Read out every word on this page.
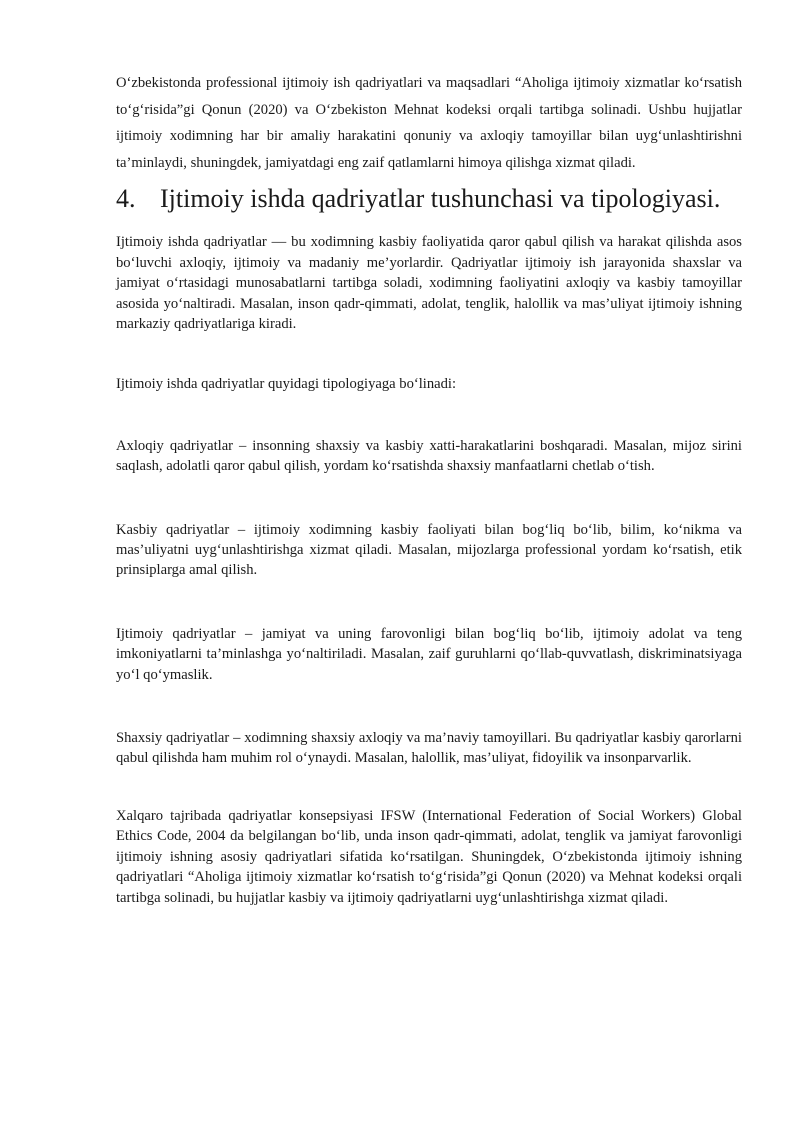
O‘zbekistonda professional ijtimoiy ish qadriyatlari va maqsadlari “Aholiga ijtimoiy xizmatlar ko‘rsatish to‘g‘risida”gi Qonun (2020) va O‘zbekiston Mehnat kodeksi orqali tartibga solinadi. Ushbu hujjatlar ijtimoiy xodimning har bir amaliy harakatini qonuniy va axloqiy tamoyillar bilan uyg‘unlashtirishni ta’minlaydi, shuningdek, jamiyatdagi eng zaif qatlamlarni himoya qilishga xizmat qiladi.

4. Ijtimoiy ishda qadriyatlar tushunchasi va tipologiyasi.

Ijtimoiy ishda qadriyatlar — bu xodimning kasbiy faoliyatida qaror qabul qilish va harakat qilishda asos bo‘luvchi axloqiy, ijtimoiy va madaniy me’yorlardir. Qadriyatlar ijtimoiy ish jarayonida shaxslar va jamiyat o‘rtasidagi munosabatlarni tartibga soladi, xodimning faoliyatini axloqiy va kasbiy tamoyillar asosida yo‘naltiradi. Masalan, inson qadr-qimmati, adolat, tenglik, halollik va mas’uliyat ijtimoiy ishning markaziy qadriyatlariga kiradi.

Ijtimoiy ishda qadriyatlar quyidagi tipologiyaga bo‘linadi:

Axloqiy qadriyatlar – insonning shaxsiy va kasbiy xatti-harakatlarini boshqaradi. Masalan, mijoz sirini saqlash, adolatli qaror qabul qilish, yordam ko‘rsatishda shaxsiy manfaatlarni chetlab o‘tish.

Kasbiy qadriyatlar – ijtimoiy xodimning kasbiy faoliyati bilan bog‘liq bo‘lib, bilim, ko‘nikma va mas’uliyatni uyg‘unlashtirishga xizmat qiladi. Masalan, mijozlarga professional yordam ko‘rsatish, etik prinsiplarga amal qilish.

Ijtimoiy qadriyatlar – jamiyat va uning farovonligi bilan bog‘liq bo‘lib, ijtimoiy adolat va teng imkoniyatlarni ta’minlashga yo‘naltiriladi. Masalan, zaif guruhlarni qo‘llab-quvvatlash, diskriminatsiyaga yo‘l qo‘ymaslik.

Shaxsiy qadriyatlar – xodimning shaxsiy axloqiy va ma’naviy tamoyillari. Bu qadriyatlar kasbiy qarorlarni qabul qilishda ham muhim rol o‘ynaydi. Masalan, halollik, mas’uliyat, fidoyilik va insonparvarlik.

Xalqaro tajribada qadriyatlar konsepsiyasi IFSW (International Federation of Social Workers) Global Ethics Code, 2004 da belgilangan bo‘lib, unda inson qadr-qimmati, adolat, tenglik va jamiyat farovonligi ijtimoiy ishning asosiy qadriyatlari sifatida ko‘rsatilgan. Shuningdek, O‘zbekistonda ijtimoiy ishning qadriyatlari “Aholiga ijtimoiy xizmatlar ko‘rsatish to‘g‘risida”gi Qonun (2020) va Mehnat kodeksi orqali tartibga solinadi, bu hujjatlar kasbiy va ijtimoiy qadriyatlarni uyg‘unlashtirishga xizmat qiladi.
